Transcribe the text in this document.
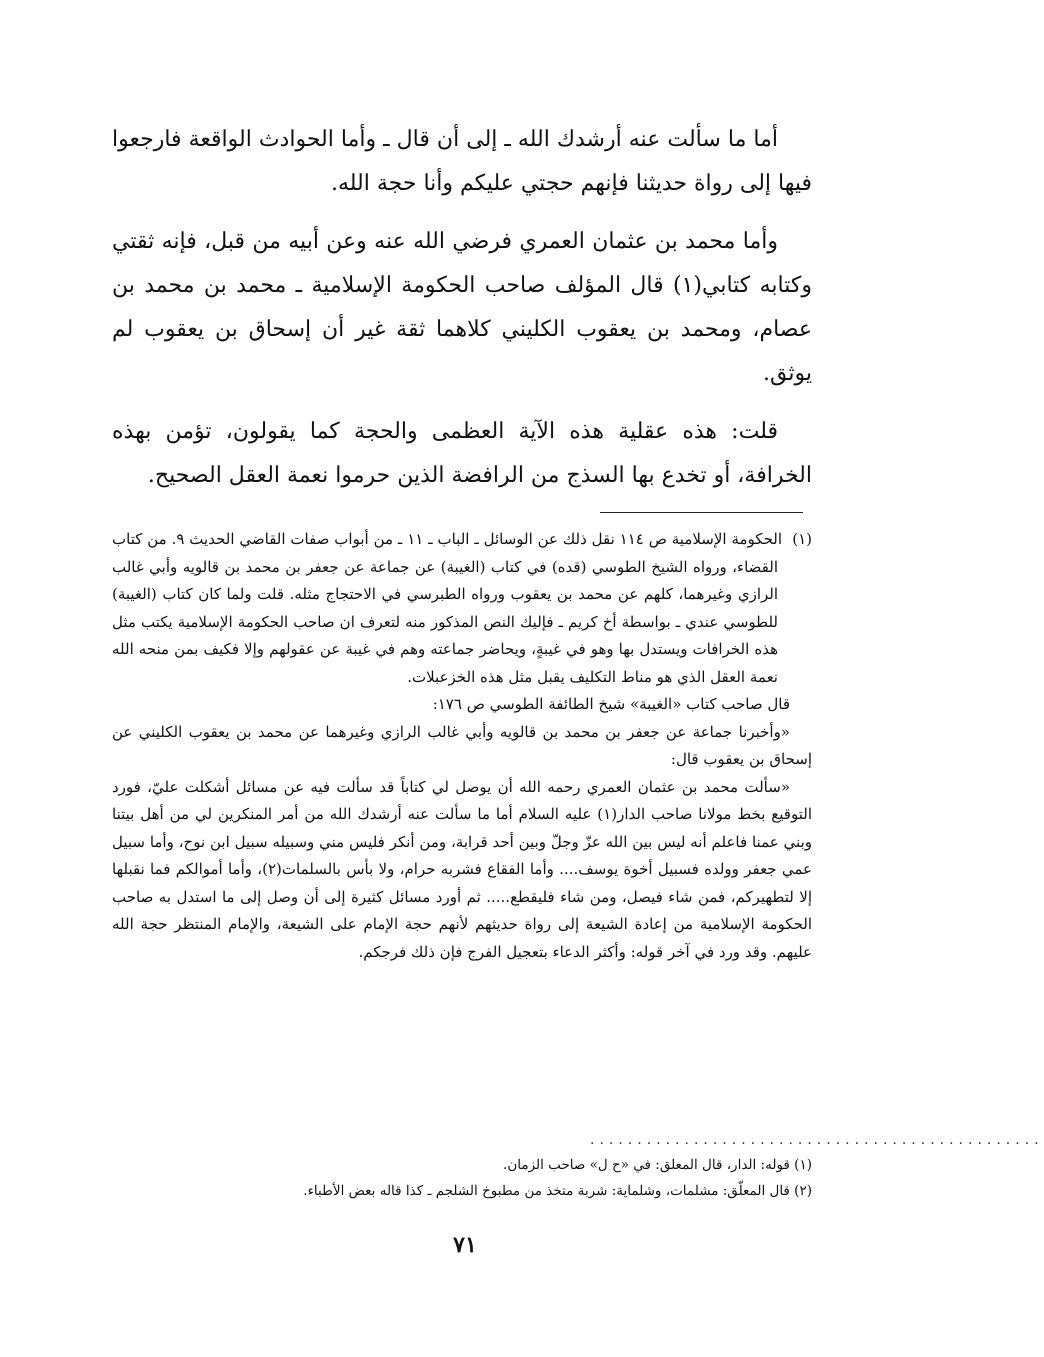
أما ما سألت عنه أرشدك الله ـ إلى أن قال ـ وأما الحوادث الواقعة فارجعوا فيها إلى رواة حديثنا فإنهم حجتي عليكم وأنا حجة الله.

وأما محمد بن عثمان العمري فرضي الله عنه وعن أبيه من قبل، فإنه ثقتي وكتابه كتابي(١) قال المؤلف صاحب الحكومة الإسلامية ـ محمد بن محمد بن عصام، ومحمد بن يعقوب الكليني كلاهما ثقة غير أن إسحاق بن يعقوب لم يوثق.

قلت: هذه عقلية هذه الآية العظمى والحجة كما يقولون، تؤمن بهذه الخرافة، أو تخدع بها السذج من الرافضة الذين حرموا نعمة العقل الصحيح.

(١)الحكومة الإسلامية ص ١١٤ نقل ذلك عن الوسائل ـ الباب ـ ١١ ـ من أبواب صفات القاضي الحديث ٩. من كتاب القضاء، ورواه الشيخ الطوسي (قده) في كتاب (الغيبة) عن جماعة عن جعفر بن محمد بن قالويه وأبي غالب الرازي وغيرهما، كلهم عن محمد بن يعقوب ورواه الطبرسي في الاحتجاج مثله. قلت ولما كان كتاب (الغيبة) للطوسي عندي ـ بواسطة أخ كريم ـ فإليك النص المذكور منه لتعرف ان صاحب الحكومة الإسلامية يكتب مثل هذه الخرافات ويستدل بها وهو في غيبةٍ، ويحاضر جماعته وهم في غيبة عن عقولهم وإلا فكيف بمن منحه الله نعمة العقل الذي هو مناط التكليف يقبل مثل هذه الخزعبلات.

قال صاحب كتاب «الغيبة» شيخ الطائفة الطوسي ص ١٧٦:

«وأخبرنا جماعة عن جعفر بن محمد بن قالويه وأبي غالب الرازي وغيرهما عن محمد بن يعقوب الكليني عن إسحاق بن يعقوب قال:

«سألت محمد بن عثمان العمري رحمه الله أن يوصل لي كتاباً قد سألت فيه عن مسائل أشكلت عليّ، فورد التوقيع بخط مولانا صاحب الدار(١) عليه السلام أما ما سألت عنه أرشدك الله من أمر المنكرين لي من أهل بيتنا وبني عمنا فاعلم أنه ليس بين الله عزّ وجلّ وبين أحد قرابة، ومن أنكر فليس مني وسبيله سبيل ابن نوح، وأما سبيل عمي جعفر وولده فسبيل أخوة يوسف.... وأما الفقاع فشربه حرام، ولا بأس بالسلمات(٢)، وأما أموالكم فما نقبلها إلا لتطهيركم، فمن شاء فيصل، ومن شاء فليقطع..... ثم أورد مسائل كثيرة إلى أن وصل إلى ما استدل به صاحب الحكومة الإسلامية من إعادة الشيعة إلى رواة حديثهم لأنهم حجة الإمام على الشيعة، والإمام المنتظر حجة الله عليهم. وقد ورد في آخر قوله: وأكثر الدعاء بتعجيل الفرج فإن ذلك فرجكم.

................................................
(١) قوله: الدار، قال المعلق: في «ح ل» صاحب الزمان.
(٢) قال المعلّق: مشلمات، وشلماية: شربة متخذ من مطبوخ الشلجم ـ كذا قاله بعض الأطباء.
٧١
